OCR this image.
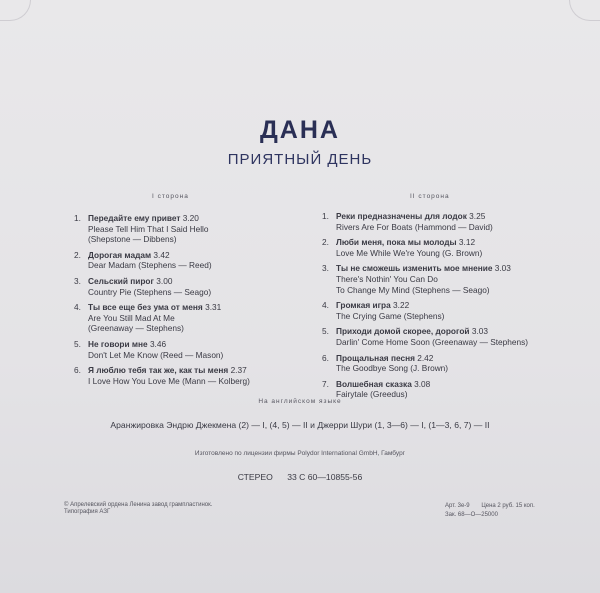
ДАНА
ПРИЯТНЫЙ ДЕНЬ
I сторона	II сторона
1. Передайте ему привет 3.20
Please Tell Him That I Said Hello
(Shepstone — Dibbens)
2. Дорогая мадам 3.42
Dear Madam (Stephens — Reed)
3. Сельский пирог 3.00
Country Pie (Stephens — Seago)
4. Ты все еще без ума от меня 3.31
Are You Still Mad At Me
(Greenaway — Stephens)
5. Не говори мне 3.46
Don't Let Me Know (Reed — Mason)
6. Я люблю тебя так же, как ты меня 2.37
I Love How You Love Me (Mann — Kolberg)
1. Реки предназначены для лодок 3.25
Rivers Are For Boats (Hammond — David)
2. Люби меня, пока мы молоды 3.12
Love Me While We're Young (G. Brown)
3. Ты не сможешь изменить мое мнение 3.03
There's Nothin' You Can Do
To Change My Mind (Stephens — Seago)
4. Громкая игра 3.22
The Crying Game (Stephens)
5. Приходи домой скорее, дорогой 3.03
Darlin' Come Home Soon (Greenaway — Stephens)
6. Прощальная песня 2.42
The Goodbye Song (J. Brown)
7. Волшебная сказка 3.08
Fairytale (Greedus)
На английском языке
Аранжировка Эндрю Джекмена (2) — I, (4, 5) — II и Джерри Шури (1, 3—6) — I, (1—3, 6, 7) — II
Изготовлено по лицензии фирмы Polydor International GmbH, Гамбург
СТЕРЕО 33 С 60—10855-56
© Апрелевский ордена Ленина завод грампластинок.
Типография АЗГ
Арт. 3е-9 Цена 2 руб. 15 коп.
Зак. 68—О—25000
